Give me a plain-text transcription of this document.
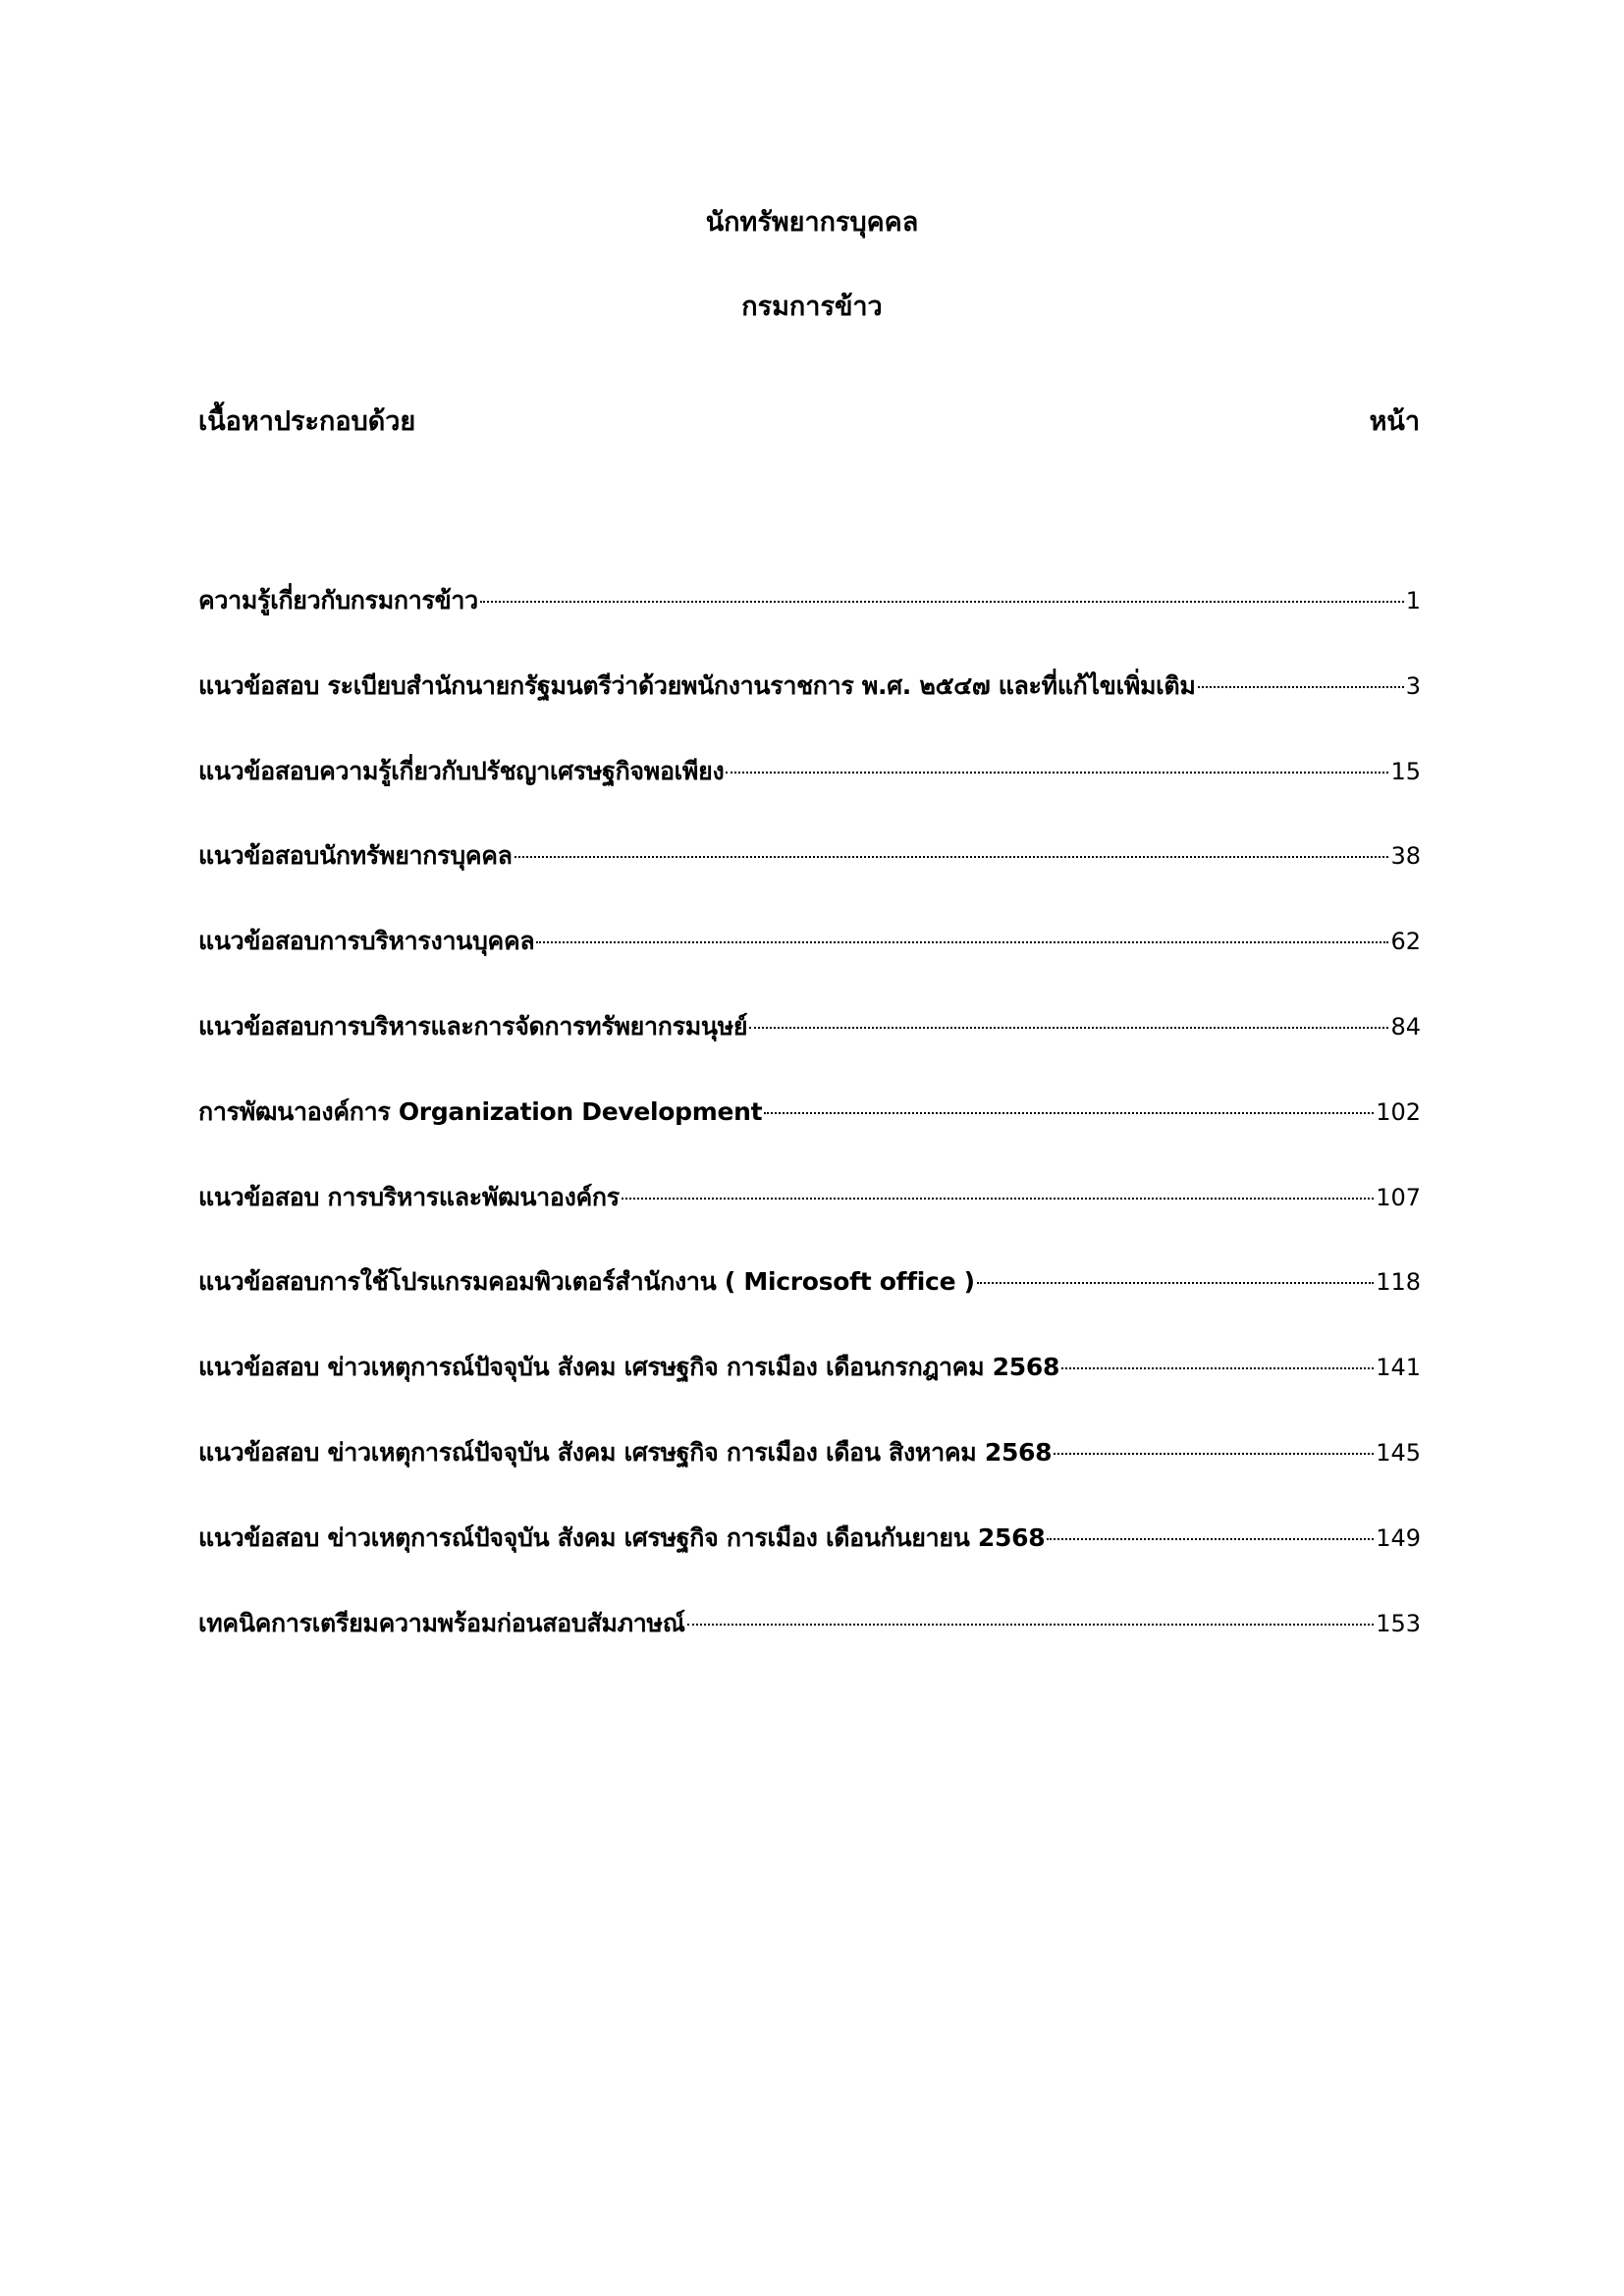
นักทรัพยากรบุคคล
กรมการข้าว
เนื้อหาประกอบด้วย	หน้า
ความรู้เกี่ยวกับกรมการข้าว	1
แนวข้อสอบ ระเบียบสำนักนายกรัฐมนตรีว่าด้วยพนักงานราชการ พ.ศ. ๒๕๔๗ และที่แก้ไขเพิ่มเติม	3
แนวข้อสอบความรู้เกี่ยวกับปรัชญาเศรษฐกิจพอเพียง	15
แนวข้อสอบนักทรัพยากรบุคคล	38
แนวข้อสอบการบริหารงานบุคคล	62
แนวข้อสอบการบริหารและการจัดการทรัพยากรมนุษย์	84
การพัฒนาองค์การ Organization Development	102
แนวข้อสอบ การบริหารและพัฒนาองค์กร	107
แนวข้อสอบการใช้โปรแกรมคอมพิวเตอร์สำนักงาน ( Microsoft office )	118
แนวข้อสอบ ข่าวเหตุการณ์ปัจจุบัน สังคม เศรษฐกิจ การเมือง เดือนกรกฎาคม 2568	141
แนวข้อสอบ ข่าวเหตุการณ์ปัจจุบัน สังคม เศรษฐกิจ การเมือง เดือน สิงหาคม 2568	145
แนวข้อสอบ ข่าวเหตุการณ์ปัจจุบัน สังคม เศรษฐกิจ การเมือง เดือนกันยายน 2568	149
เทคนิคการเตรียมความพร้อมก่อนสอบสัมภาษณ์	153
